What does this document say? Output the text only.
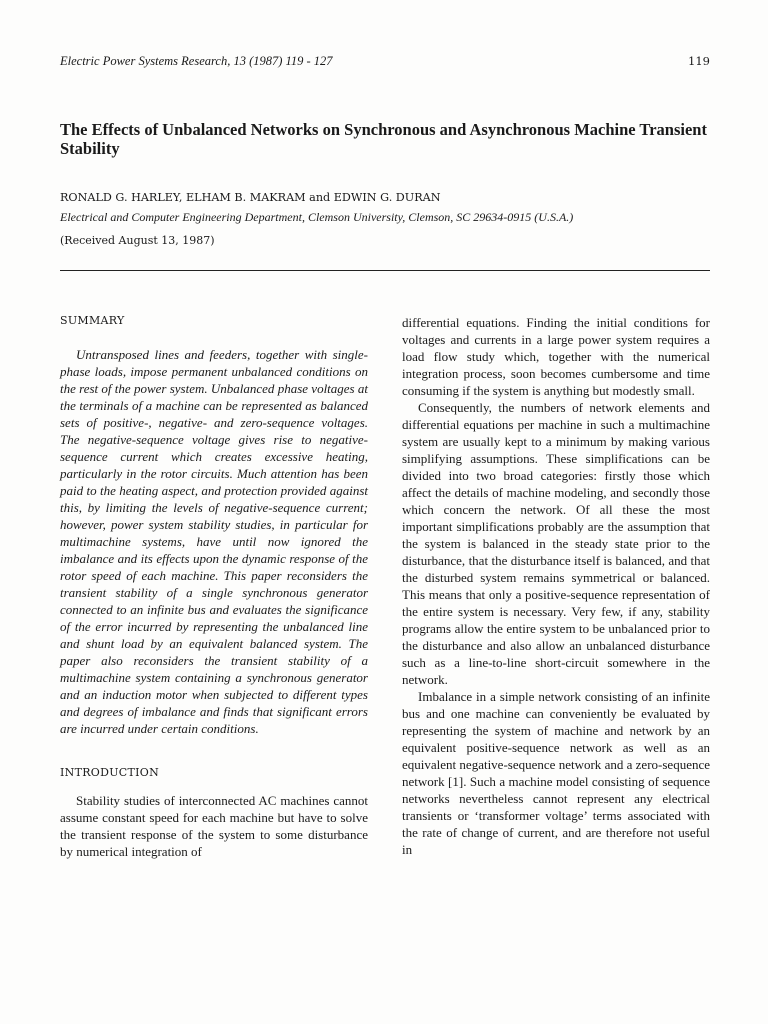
Electric Power Systems Research, 13 (1987) 119 - 127	119
The Effects of Unbalanced Networks on Synchronous and Asynchronous Machine Transient Stability
RONALD G. HARLEY, ELHAM B. MAKRAM and EDWIN G. DURAN
Electrical and Computer Engineering Department, Clemson University, Clemson, SC 29634-0915 (U.S.A.)
(Received August 13, 1987)
SUMMARY

Untransposed lines and feeders, together with single-phase loads, impose permanent unbalanced conditions on the rest of the power system. Unbalanced phase voltages at the terminals of a machine can be represented as balanced sets of positive-, negative- and zero-sequence voltages. The negative-sequence voltage gives rise to negative-sequence current which creates excessive heating, particularly in the rotor circuits. Much attention has been paid to the heating aspect, and protection provided against this, by limiting the levels of negative-sequence current; however, power system stability studies, in particular for multimachine systems, have until now ignored the imbalance and its effects upon the dynamic response of the rotor speed of each machine. This paper reconsiders the transient stability of a single synchronous generator connected to an infinite bus and evaluates the significance of the error incurred by representing the unbalanced line and shunt load by an equivalent balanced system. The paper also reconsiders the transient stability of a multimachine system containing a synchronous generator and an induction motor when subjected to different types and degrees of imbalance and finds that significant errors are incurred under certain conditions.

INTRODUCTION

Stability studies of interconnected AC machines cannot assume constant speed for each machine but have to solve the transient response of the system to some disturbance by numerical integration of

differential equations. Finding the initial conditions for voltages and currents in a large power system requires a load flow study which, together with the numerical integration process, soon becomes cumbersome and time consuming if the system is anything but modestly small.

Consequently, the numbers of network elements and differential equations per machine in such a multimachine system are usually kept to a minimum by making various simplifying assumptions. These simplifications can be divided into two broad categories: firstly those which affect the details of machine modeling, and secondly those which concern the network. Of all these the most important simplifications probably are the assumption that the system is balanced in the steady state prior to the disturbance, that the disturbance itself is balanced, and that the disturbed system remains symmetrical or balanced. This means that only a positive-sequence representation of the entire system is necessary. Very few, if any, stability programs allow the entire system to be unbalanced prior to the disturbance and also allow an unbalanced disturbance such as a line-to-line short-circuit somewhere in the network.

Imbalance in a simple network consisting of an infinite bus and one machine can conveniently be evaluated by representing the system of machine and network by an equivalent positive-sequence network as well as an equivalent negative-sequence network and a zero-sequence network [1]. Such a machine model consisting of sequence networks nevertheless cannot represent any electrical transients or ‘transformer voltage’ terms associated with the rate of change of current, and are therefore not useful in
